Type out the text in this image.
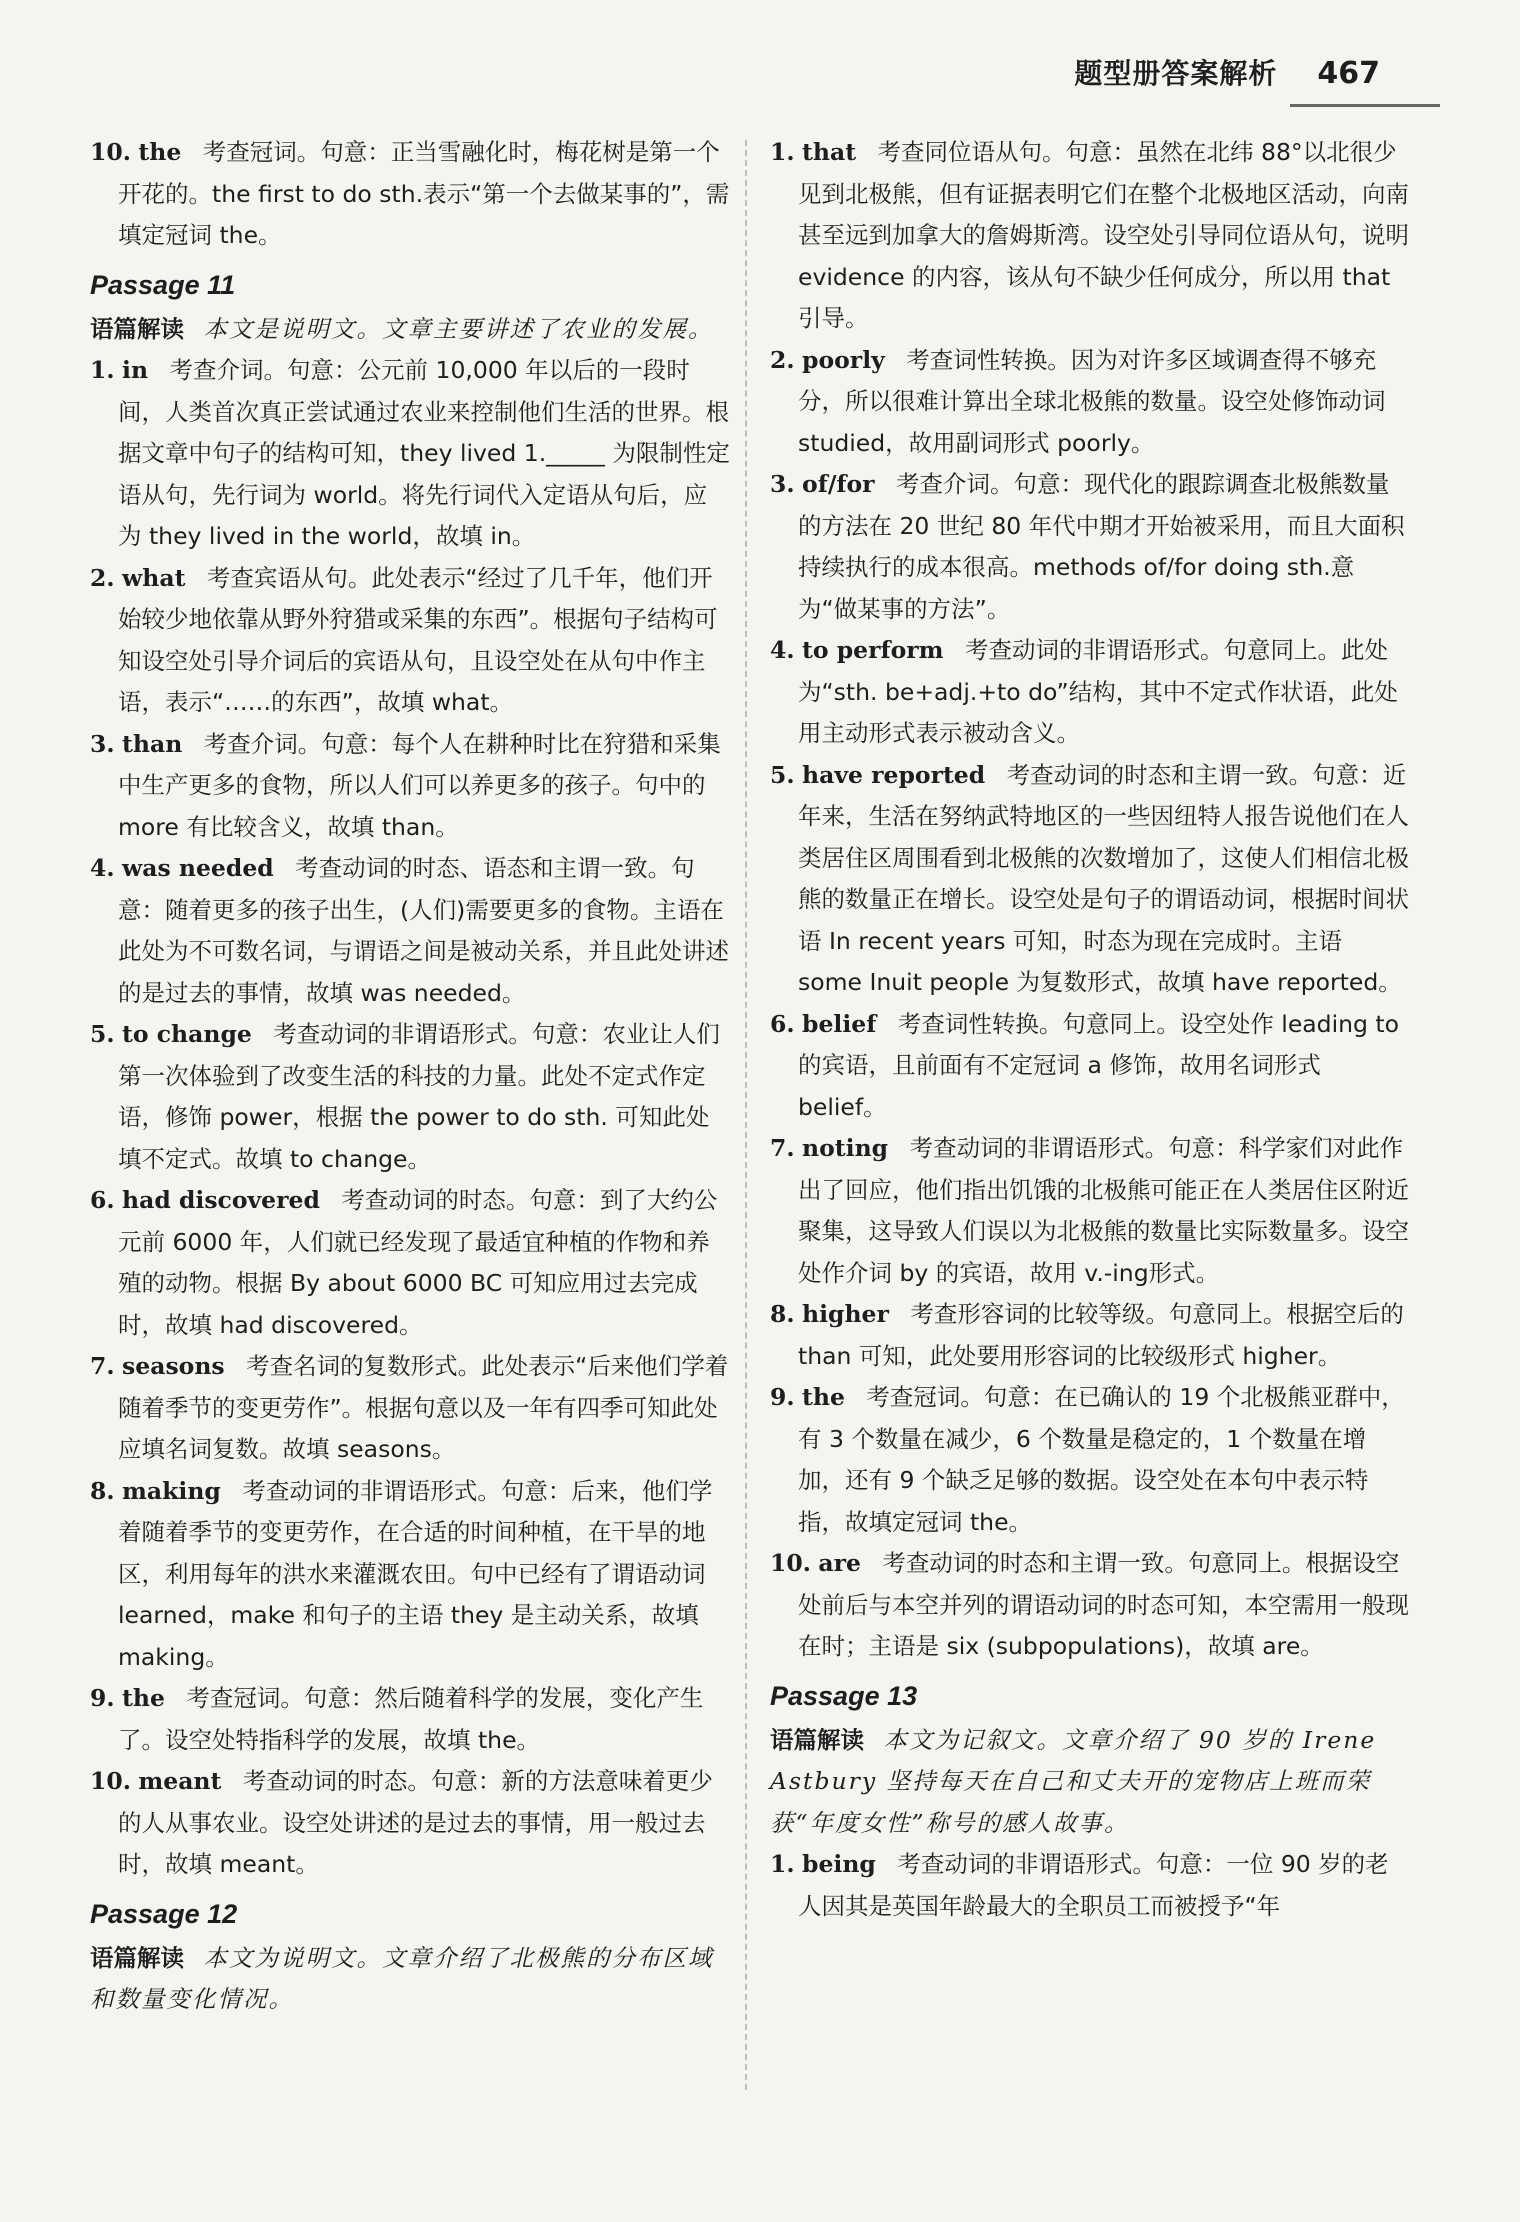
题型册答案解析 467

10. the 考查冠词。句意：正当雪融化时，梅花树是第一个开花的。the first to do sth.表示“第一个去做某事的”，需填定冠词 the。

Passage 11

语篇解读 本文是说明文。文章主要讲述了农业的发展。

1. in 考查介词。句意：公元前 10,000 年以后的一段时间，人类首次真正尝试通过农业来控制他们生活的世界。根据文章中句子的结构可知，they lived 1._____ 为限制性定语从句，先行词为 world。将先行词代入定语从句后，应为 they lived in the world，故填 in。

2. what 考查宾语从句。此处表示“经过了几千年，他们开始较少地依靠从野外狩猎或采集的东西”。根据句子结构可知设空处引导介词后的宾语从句，且设空处在从句中作主语，表示“……的东西”，故填 what。

3. than 考查介词。句意：每个人在耕种时比在狩猎和采集中生产更多的食物，所以人们可以养更多的孩子。句中的 more 有比较含义，故填 than。

4. was needed 考查动词的时态、语态和主谓一致。句意：随着更多的孩子出生，(人们)需要更多的食物。主语在此处为不可数名词，与谓语之间是被动关系，并且此处讲述的是过去的事情，故填 was needed。

5. to change 考查动词的非谓语形式。句意：农业让人们第一次体验到了改变生活的科技的力量。此处不定式作定语，修饰 power，根据 the power to do sth. 可知此处填不定式。故填 to change。

6. had discovered 考查动词的时态。句意：到了大约公元前 6000 年，人们就已经发现了最适宜种植的作物和养殖的动物。根据 By about 6000 BC 可知应用过去完成时，故填 had discovered。

7. seasons 考查名词的复数形式。此处表示“后来他们学着随着季节的变更劳作”。根据句意以及一年有四季可知此处应填名词复数。故填 seasons。

8. making 考查动词的非谓语形式。句意：后来，他们学着随着季节的变更劳作，在合适的时间种植，在干旱的地区，利用每年的洪水来灌溉农田。句中已经有了谓语动词 learned，make 和句子的主语 they 是主动关系，故填 making。

9. the 考查冠词。句意：然后随着科学的发展，变化产生了。设空处特指科学的发展，故填 the。

10. meant 考查动词的时态。句意：新的方法意味着更少的人从事农业。设空处讲述的是过去的事情，用一般过去时，故填 meant。

Passage 12

语篇解读 本文为说明文。文章介绍了北极熊的分布区域和数量变化情况。

1. that 考查同位语从句。句意：虽然在北纬 88°以北很少见到北极熊，但有证据表明它们在整个北极地区活动，向南甚至远到加拿大的詹姆斯湾。设空处引导同位语从句，说明 evidence 的内容，该从句不缺少任何成分，所以用 that 引导。

2. poorly 考查词性转换。因为对许多区域调查得不够充分，所以很难计算出全球北极熊的数量。设空处修饰动词 studied，故用副词形式 poorly。

3. of/for 考查介词。句意：现代化的跟踪调查北极熊数量的方法在 20 世纪 80 年代中期才开始被采用，而且大面积持续执行的成本很高。methods of/for doing sth.意为“做某事的方法”。

4. to perform 考查动词的非谓语形式。句意同上。此处为“sth. be+adj.+to do”结构，其中不定式作状语，此处用主动形式表示被动含义。

5. have reported 考查动词的时态和主谓一致。句意：近年来，生活在努纳武特地区的一些因纽特人报告说他们在人类居住区周围看到北极熊的次数增加了，这使人们相信北极熊的数量正在增长。设空处是句子的谓语动词，根据时间状语 In recent years 可知，时态为现在完成时。主语 some Inuit people 为复数形式，故填 have reported。

6. belief 考查词性转换。句意同上。设空处作 leading to 的宾语，且前面有不定冠词 a 修饰，故用名词形式 belief。

7. noting 考查动词的非谓语形式。句意：科学家们对此作出了回应，他们指出饥饿的北极熊可能正在人类居住区附近聚集，这导致人们误以为北极熊的数量比实际数量多。设空处作介词 by 的宾语，故用 v.-ing形式。

8. higher 考查形容词的比较等级。句意同上。根据空后的 than 可知，此处要用形容词的比较级形式 higher。

9. the 考查冠词。句意：在已确认的 19 个北极熊亚群中，有 3 个数量在减少，6 个数量是稳定的，1 个数量在增加，还有 9 个缺乏足够的数据。设空处在本句中表示特指，故填定冠词 the。

10. are 考查动词的时态和主谓一致。句意同上。根据设空处前后与本空并列的谓语动词的时态可知，本空需用一般现在时；主语是 six (subpopulations)，故填 are。

Passage 13

语篇解读 本文为记叙文。文章介绍了 90 岁的 Irene Astbury 坚持每天在自己和丈夫开的宠物店上班而荣获“年度女性”称号的感人故事。

1. being 考查动词的非谓语形式。句意：一位 90 岁的老人因其是英国年龄最大的全职员工而被授予“年
